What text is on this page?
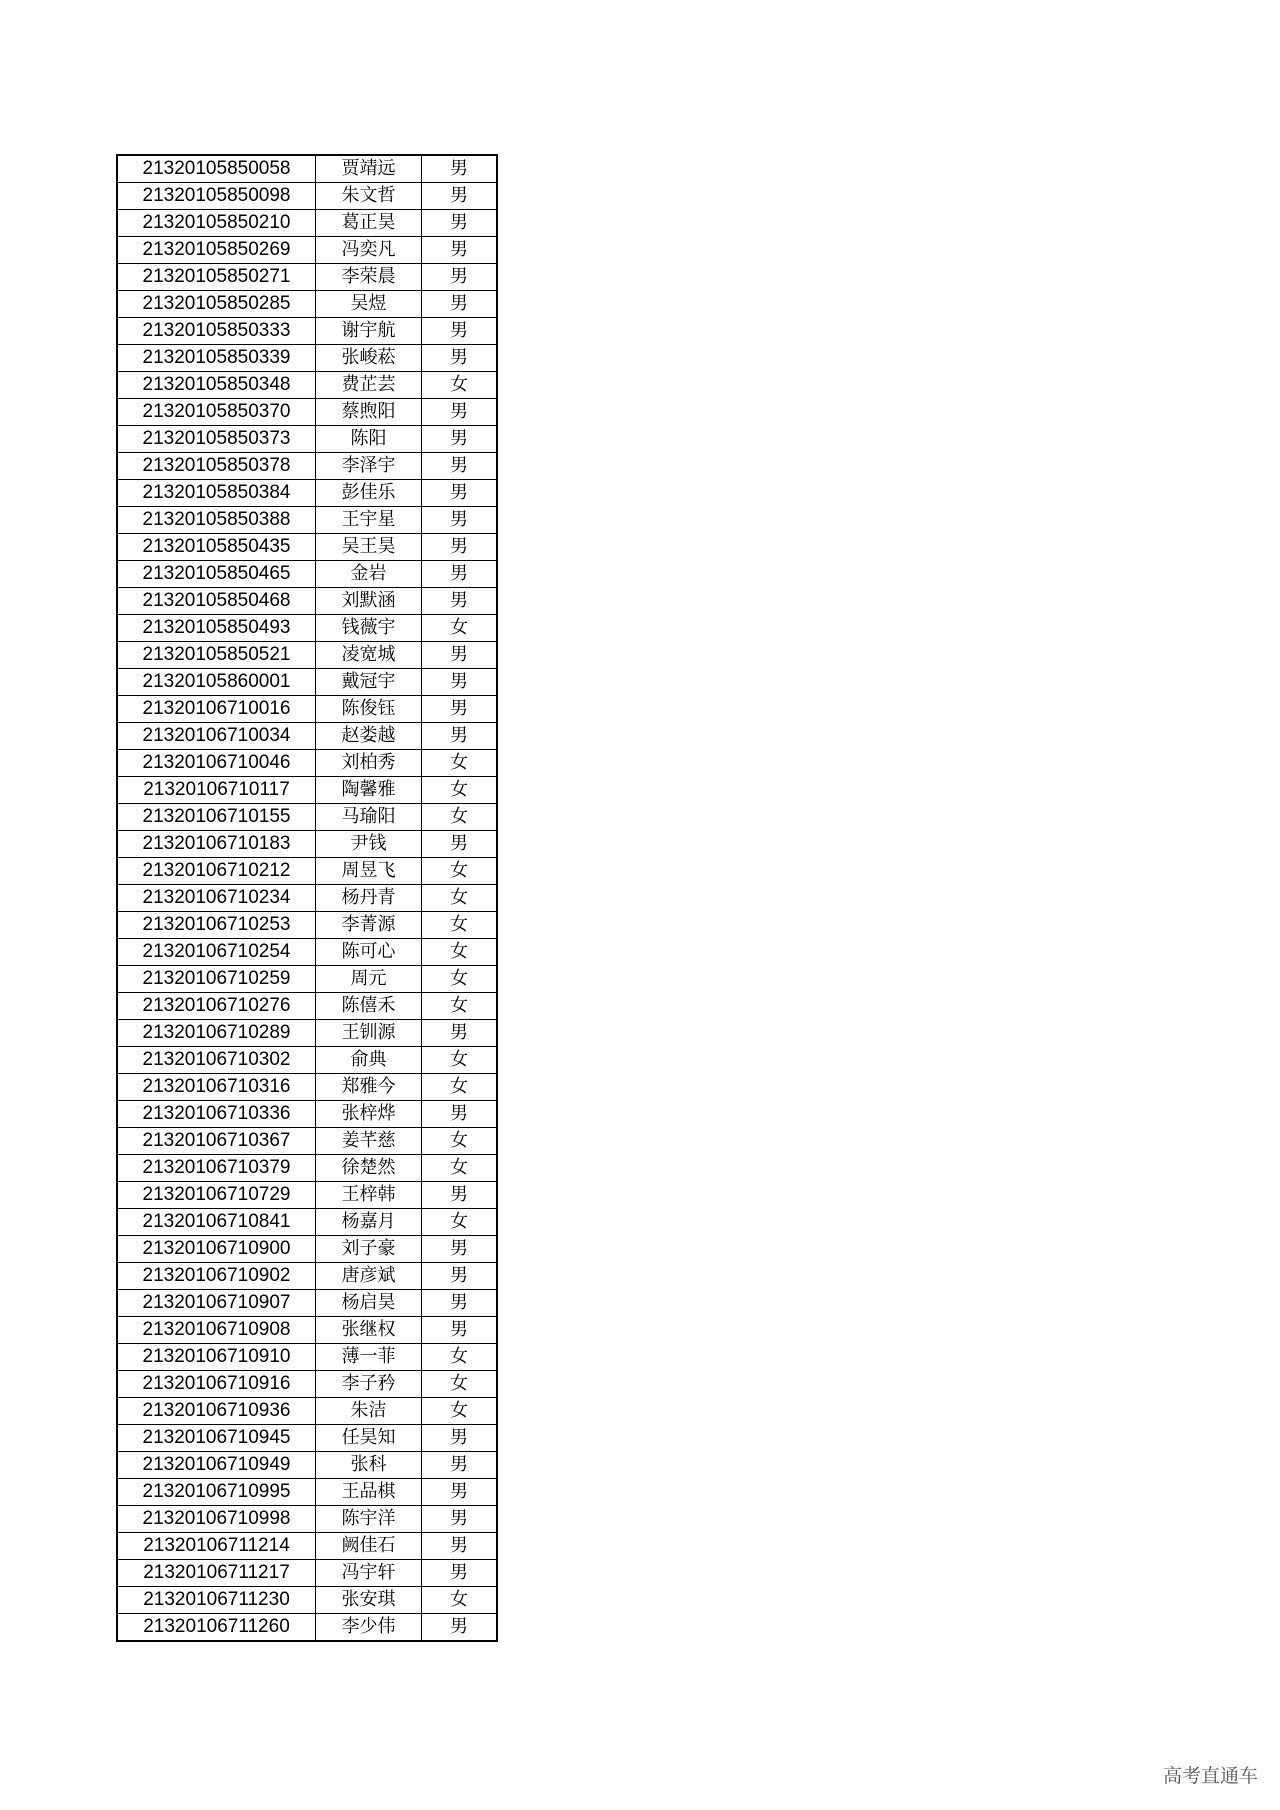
21320105850058	贾靖远	男
21320105850098	朱文哲	男
21320105850210	葛正昊	男
21320105850269	冯奕凡	男
21320105850271	李荣晨	男
21320105850285	吴煜	男
21320105850333	谢宇航	男
21320105850339	张峻菘	男
21320105850348	费芷芸	女
21320105850370	蔡煦阳	男
21320105850373	陈阳	男
21320105850378	李泽宇	男
21320105850384	彭佳乐	男
21320105850388	王宇星	男
21320105850435	吴王昊	男
21320105850465	金岩	男
21320105850468	刘默涵	男
21320105850493	钱薇宇	女
21320105850521	凌宽城	男
21320105860001	戴冠宇	男
21320106710016	陈俊钰	男
21320106710034	赵娄越	男
21320106710046	刘柏秀	女
21320106710117	陶馨雅	女
21320106710155	马瑜阳	女
21320106710183	尹钱	男
21320106710212	周昱飞	女
21320106710234	杨丹青	女
21320106710253	李菁源	女
21320106710254	陈可心	女
21320106710259	周元	女
21320106710276	陈僖禾	女
21320106710289	王钏源	男
21320106710302	俞典	女
21320106710316	郑雅今	女
21320106710336	张梓烨	男
21320106710367	姜芊慈	女
21320106710379	徐楚然	女
21320106710729	王梓韩	男
21320106710841	杨嘉月	女
21320106710900	刘子豪	男
21320106710902	唐彦斌	男
21320106710907	杨启昊	男
21320106710908	张继权	男
21320106710910	薄一菲	女
21320106710916	李子矜	女
21320106710936	朱洁	女
21320106710945	任昊知	男
21320106710949	张科	男
21320106710995	王品棋	男
21320106710998	陈宇洋	男
21320106711214	阙佳石	男
21320106711217	冯宇轩	男
21320106711230	张安琪	女
21320106711260	李少伟	男
高考直通车
